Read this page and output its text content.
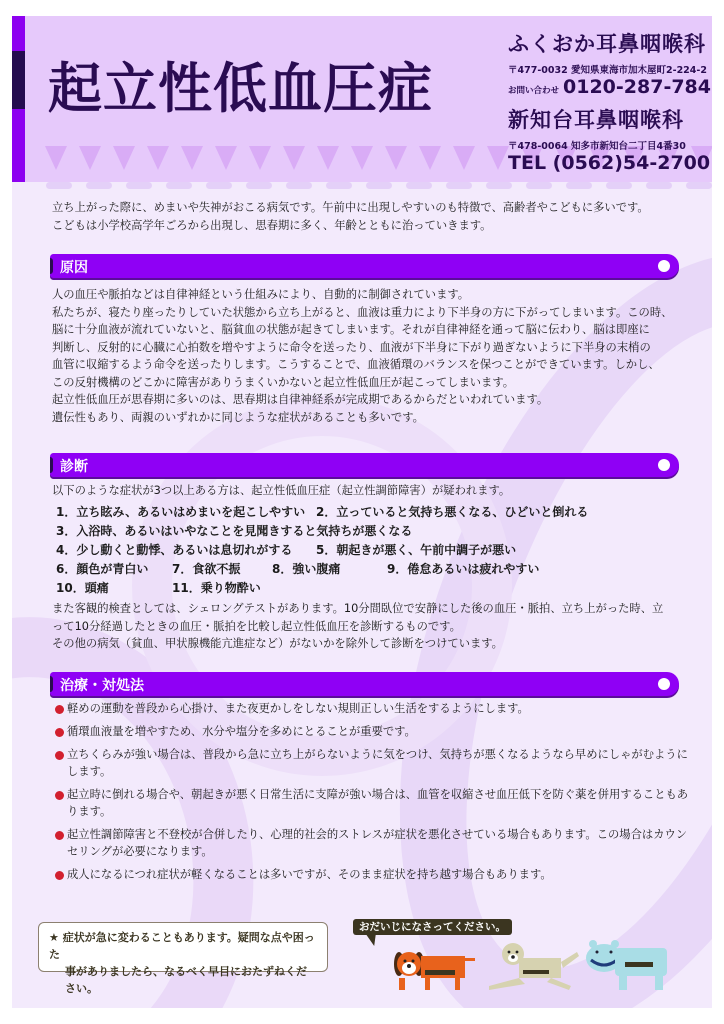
起立性低血圧症
ふくおか耳鼻咽喉科
〒477-0032 愛知県東海市加木屋町2-224-2
お問い合わせ 0120-287-784
新知台耳鼻咽喉科
〒478-0064 知多市新知台二丁目4番30
TEL (0562)54-2700
立ち上がった際に、めまいや失神がおこる病気です。午前中に出現しやすいのも特徴で、高齢者やこどもに多いです。
こどもは小学校高学年ごろから出現し、思春期に多く、年齢とともに治っていきます。
原因
人の血圧や脈拍などは自律神経という仕組みにより、自動的に制御されています。
私たちが、寝たり座ったりしていた状態から立ち上がると、血液は重力により下半身の方に下がってしまいます。この時、
脳に十分血液が流れていないと、脳貧血の状態が起きてしまいます。それが自律神経を通って脳に伝わり、脳は即座に
判断し、反射的に心臓に心拍数を増やすように命令を送ったり、血液が下半身に下がり過ぎないように下半身の末梢の
血管に収縮するよう命令を送ったりします。こうすることで、血液循環のバランスを保つことができています。しかし、
この反射機構のどこかに障害がありうまくいかないと起立性低血圧が起こってしまいます。
起立性低血圧が思春期に多いのは、思春期は自律神経系が完成期であるからだといわれています。
遺伝性もあり、両親のいずれかに同じような症状があることも多いです。
診断
以下のような症状が3つ以上ある方は、起立性低血圧症（起立性調節障害）が疑われます。
1．立ち眩み、あるいはめまいを起こしやすい 2．立っていると気持ち悪くなる、ひどいと倒れる
3．入浴時、あるいはいやなことを見聞きすると気持ちが悪くなる
4．少し動くと動悸、あるいは息切れがする 5．朝起きが悪く、午前中調子が悪い
6．顔色が青白い 7．食欲不振	8．強い腹痛	9．倦怠あるいは疲れやすい
10．頭痛	11．乗り物酔い
また客観的検査としては、シェロングテストがあります。10分間臥位で安静にした後の血圧・脈拍、立ち上がった時、立
って10分経過したときの血圧・脈拍を比較し起立性低血圧を診断するものです。
その他の病気（貧血、甲状腺機能亢進症など）がないかを除外して診断をつけています。
治療・対処法
軽めの運動を普段から心掛け、また夜更かしをしない規則正しい生活をするようにします。
循環血液量を増やすため、水分や塩分を多めにとることが重要です。
立ちくらみが強い場合は、普段から急に立ち上がらないように気をつけ、気持ちが悪くなるようなら早めにしゃがむようにします。
起立時に倒れる場合や、朝起きが悪く日常生活に支障が強い場合は、血管を収縮させ血圧低下を防ぐ薬を併用することもあります。
起立性調節障害と不登校が合併したり、心理的社会的ストレスが症状を悪化させている場合もあります。この場合はカウンセリングが必要になります。
成人になるにつれ症状が軽くなることは多いですが、そのまま症状を持ち越す場合もあります。
★ 症状が急に変わることもあります。疑問な点や困った
事がありましたら、なるべく早目におたずねください。
おだいじになさってください。
